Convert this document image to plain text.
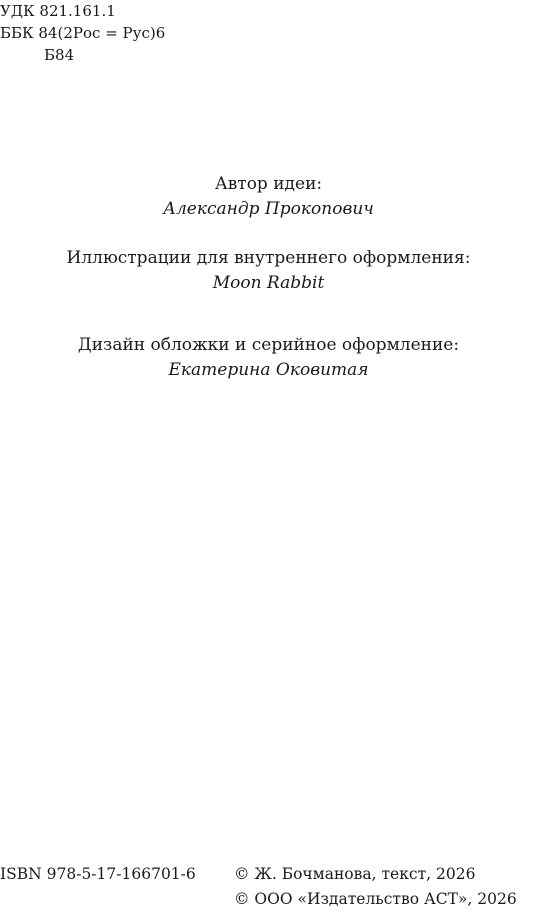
УДК 821.161.1
ББК 84(2Рос = Рус)6
Б84
Автор идеи:
Александр Прокопович
Иллюстрации для внутреннего оформления:
Moon Rabbit
Дизайн обложки и серийное оформление:
Екатерина Оковитая
ISBN 978-5-17-166701-6 © Ж. Бочманова, текст, 2026
© ООО «Издательство АСТ», 2026
